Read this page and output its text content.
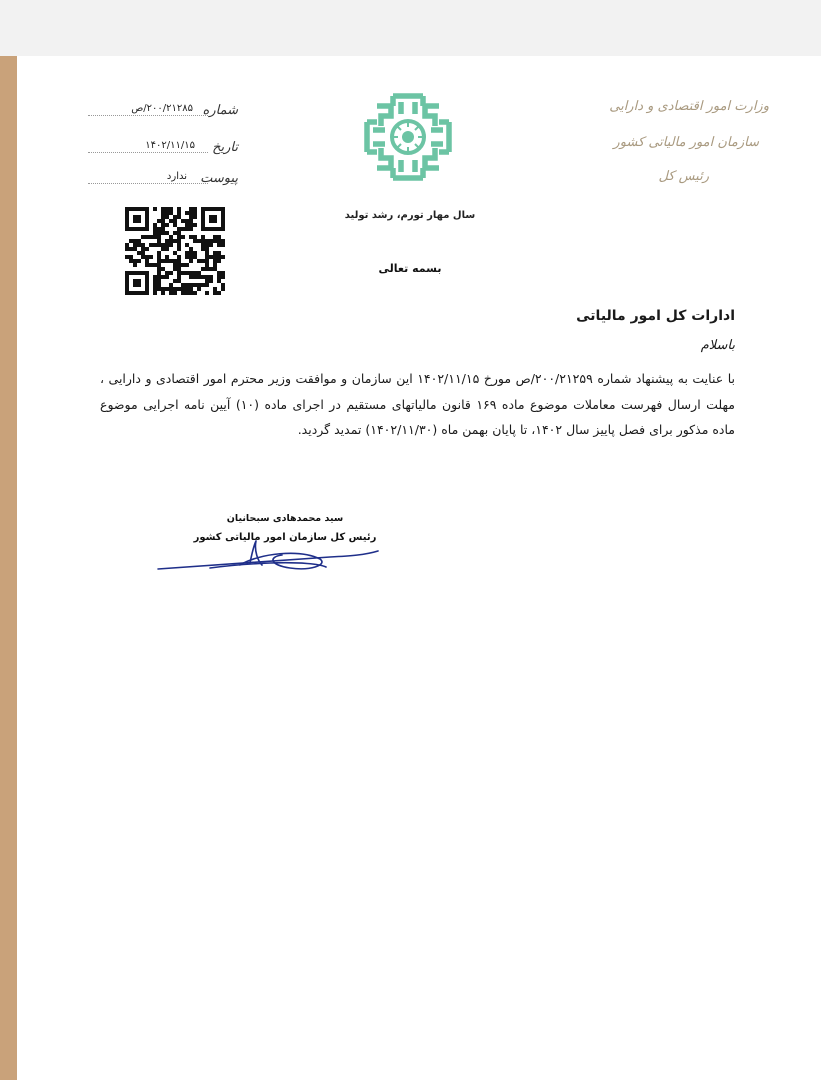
وزارت امور اقتصادی و دارایی
سازمان امور مالیاتی کشور
رئیس کل
سال مهار تورم، رشد تولید
بسمه تعالی
شماره
۲۰۰/۲۱۲۸۵/ص
تاریخ
۱۴۰۲/۱۱/۱۵
پیوست
ندارد

ادارات کل امور مالیاتی

باسلام

با عنایت به پیشنهاد شماره ۲۰۰/۲۱۲۵۹/ص مورخ ۱۴۰۲/۱۱/۱۵ این سازمان و موافقت وزیر محترم امور اقتصادی و دارایی ، مهلت ارسال فهرست معاملات موضوع ماده ۱۶۹ قانون مالیاتهای مستقیم در اجرای ماده (۱۰) آیین نامه اجرایی موضوع ماده مذکور برای فصل پاییز سال ۱۴۰۲، تا پایان بهمن ماه (۱۴۰۲/۱۱/۳۰) تمدید گردید.

سید محمدهادی سبحانیان
رئیس کل سازمان امور مالیاتی کشور
